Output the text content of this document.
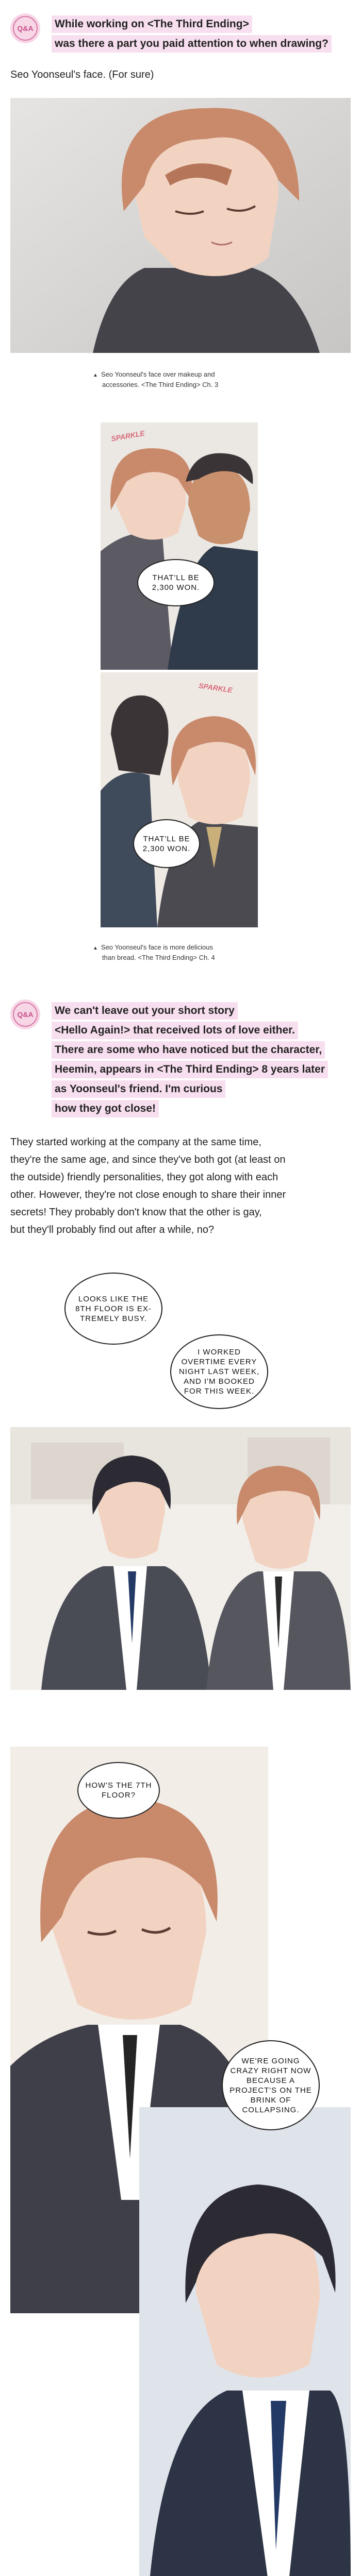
Q&A	While working on <The Third Ending>
was there a part you paid attention to when drawing?
Seo Yoonseul's face. (For sure)
▲ Seo Yoonseul's face over makeup and
accessories. <The Third Ending> Ch. 3
SPARKLE
THAT'LL BE 2,300 WON.
SPARKLE
THAT'LL BE 2,300 WON.
▲ Seo Yoonseul's face is more delicious
than bread. <The Third Ending> Ch. 4
Q&A	We can't leave out your short story
<Hello Again!> that received lots of love either.
There are some who have noticed but the character,
Heemin, appears in <The Third Ending> 8 years later
as Yoonseul's friend. I'm curious
how they got close!
They started working at the company at the same time,
they're the same age, and since they've both got (at least on
the outside) friendly personalities, they got along with each
other. However, they're not close enough to share their inner
secrets! They probably don't know that the other is gay,
but they'll probably find out after a while, no?
LOOKS LIKE THE 8TH FLOOR IS EX-TREMELY BUSY.
I WORKED OVERTIME EVERY NIGHT LAST WEEK, AND I'M BOOKED FOR THIS WEEK.
HOW'S THE 7TH FLOOR?
WE'RE GOING CRAZY RIGHT NOW BECAUSE A PROJECT'S ON THE BRINK OF COLLAPSING.
